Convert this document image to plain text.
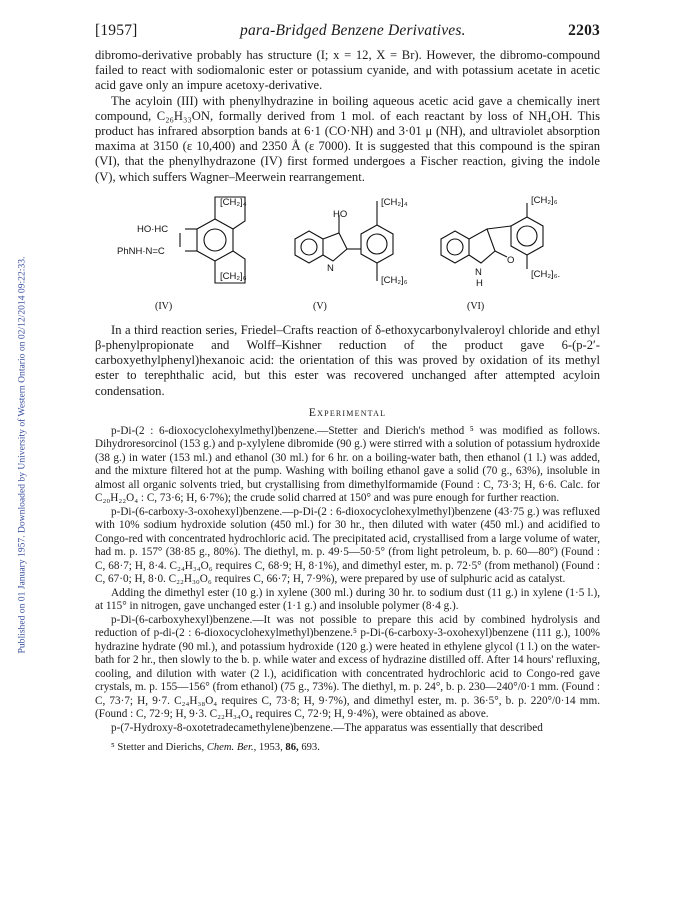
Published on 01 January 1957. Downloaded by University of Western Ontario on 02/12/2014 09:22:33.
[1957]	para-Bridged Benzene Derivatives.	2203

dibromo-derivative probably has structure (I; x = 12, X = Br). However, the dibromo-compound failed to react with sodiomalonic ester or potassium cyanide, and with potassium acetate in acetic acid gave only an impure acetoxy-derivative.

The acyloin (III) with phenylhydrazine in boiling aqueous acetic acid gave a chemically inert compound, C₂₆H₃₃ON, formally derived from 1 mol. of each reactant by loss of NH₄OH. This product has infrared absorption bands at 6·1 (CO·NH) and 3·01 μ (NH), and ultraviolet absorption maxima at 3150 (ε 10,400) and 2350 Å (ε 7000). It is suggested that this compound is the spiran (VI), that the phenylhydrazone (IV) first formed undergoes a Fischer reaction, giving the indole (V), which suffers Wagner–Meerwein rearrangement.

[CH₂]₄
[CH₂]₆
HO·HC
PhNH·N=C
(IV)
HO
[CH₂]₄
[CH₂]₆
N
(V)
[CH₂]₆
[CH₂]₆.
N
H
O
(VI)

In a third reaction series, Friedel–Crafts reaction of δ-ethoxycarbonylvaleroyl chloride and ethyl β-phenylpropionate and Wolff–Kishner reduction of the product gave 6-(p-2′-carboxyethylphenyl)hexanoic acid: the orientation of this was proved by oxidation of its methyl ester to terephthalic acid, but this ester was recovered unchanged after attempted acyloin condensation.

Experimental

p-Di-(2 : 6-dioxocyclohexylmethyl)benzene.—Stetter and Dierich's method ⁵ was modified as follows. Dihydroresorcinol (153 g.) and p-xylylene dibromide (90 g.) were stirred with a solution of potassium hydroxide (38 g.) in water (153 ml.) and ethanol (30 ml.) for 6 hr. on a boiling-water bath, then ethanol (1 l.) was added, and the mixture filtered hot at the pump. Washing with boiling ethanol gave a solid (70 g., 63%), insoluble in almost all organic solvents tried, but crystallising from dimethylformamide (Found : C, 73·3; H, 6·6. Calc. for C₂₀H₂₂O₄ : C, 73·6; H, 6·7%); the crude solid charred at 150° and was pure enough for further reaction.

p-Di-(6-carboxy-3-oxohexyl)benzene.—p-Di-(2 : 6-dioxocyclohexylmethyl)benzene (43·75 g.) was refluxed with 10% sodium hydroxide solution (450 ml.) for 30 hr., then diluted with water (450 ml.) and acidified to Congo-red with concentrated hydrochloric acid. The precipitated acid, crystallised from a large volume of water, had m. p. 157° (38·85 g., 80%). The diethyl, m. p. 49·5—50·5° (from light petroleum, b. p. 60—80°) (Found : C, 68·7; H, 8·4. C₂₄H₃₄O₆ requires C, 68·9; H, 8·1%), and dimethyl ester, m. p. 72·5° (from methanol) (Found : C, 67·0; H, 8·0. C₂₂H₃₀O₆ requires C, 66·7; H, 7·9%), were prepared by use of sulphuric acid as catalyst.

Adding the dimethyl ester (10 g.) in xylene (300 ml.) during 30 hr. to sodium dust (11 g.) in xylene (1·5 l.), at 115° in nitrogen, gave unchanged ester (1·1 g.) and insoluble polymer (8·4 g.).

p-Di-(6-carboxyhexyl)benzene.—It was not possible to prepare this acid by combined hydrolysis and reduction of p-di-(2 : 6-dioxocyclohexylmethyl)benzene.⁵ p-Di-(6-carboxy-3-oxohexyl)benzene (111 g.), 100% hydrazine hydrate (90 ml.), and potassium hydroxide (120 g.) were heated in ethylene glycol (1 l.) on the water-bath for 2 hr., then slowly to the b. p. while water and excess of hydrazine distilled off. After 14 hours' refluxing, cooling, and dilution with water (2 l.), acidification with concentrated hydrochloric acid to Congo-red gave crystals, m. p. 155—156° (from ethanol) (75 g., 73%). The diethyl, m. p. 24°, b. p. 230—240°/0·1 mm. (Found : C, 73·7; H, 9·7. C₂₄H₃₈O₄ requires C, 73·8; H, 9·7%), and dimethyl ester, m. p. 36·5°, b. p. 220°/0·14 mm. (Found : C, 72·9; H, 9·3. C₂₂H₃₄O₄ requires C, 72·9; H, 9·4%), were obtained as above.

p-(7-Hydroxy-8-oxotetradecamethylene)benzene.—The apparatus was essentially that described

⁵ Stetter and Dierichs, Chem. Ber., 1953, 86, 693.
